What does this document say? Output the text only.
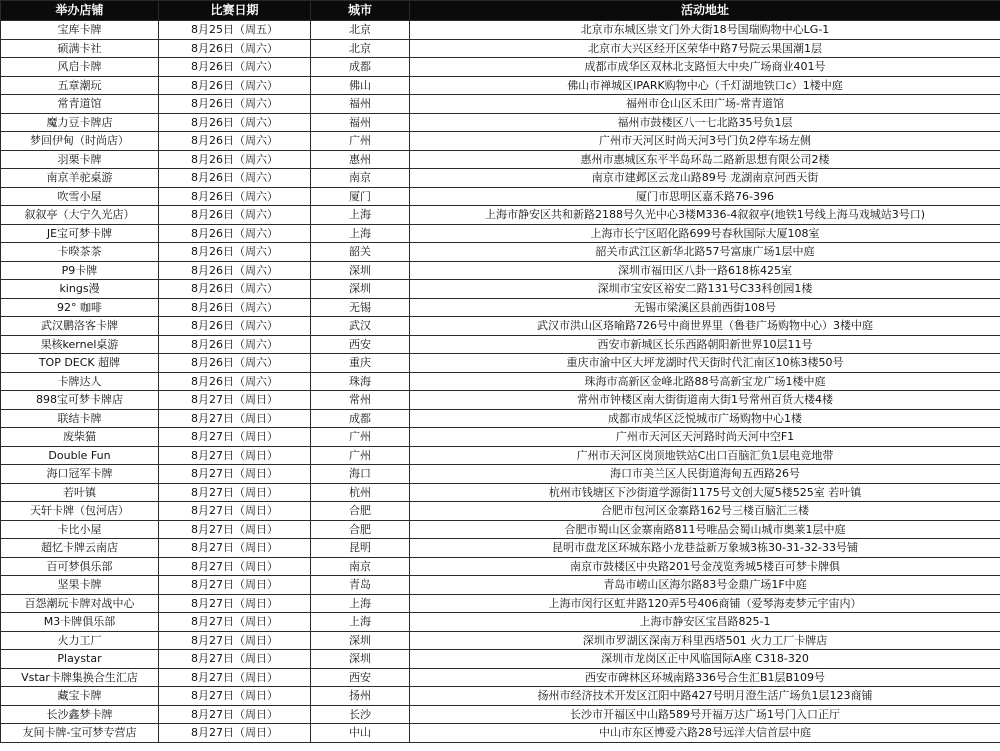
举办店铺	比赛日期	城市	活动地址
宝库卡牌	8月25日（周五）	北京	北京市东城区崇文门外大街18号国瑞购物中心LG-1
硕满卡社	8月26日（周六）	北京	北京市大兴区经开区荣华中路7号院云果国潮1层
风启卡牌	8月26日（周六）	成都	成都市成华区双林北支路恒大中央广场商业401号
五章潮玩	8月26日（周六）	佛山	佛山市禅城区IPARK购物中心（千灯湖地铁口c）1楼中庭
常青道馆	8月26日（周六）	福州	福州市仓山区禾田广场-常青道馆
魔力豆卡牌店	8月26日（周六）	福州	福州市鼓楼区八一七北路35号负1层
梦回伊甸（时尚店）	8月26日（周六）	广州	广州市天河区时尚天河3号门负2停车场左侧
羽栗卡牌	8月26日（周六）	惠州	惠州市惠城区东平半岛环岛二路新思想有限公司2楼
南京羊驼桌游	8月26日（周六）	南京	南京市建邺区云龙山路89号 龙湖南京河西天街
吹雪小屋	8月26日（周六）	厦门	厦门市思明区嘉禾路76-396
叙叙亭（大宁久光店）	8月26日（周六）	上海	上海市静安区共和新路2188号久光中心3楼M336-4叙叙亭(地铁1号线上海马戏城站3号口)
JE宝可梦卡牌	8月26日（周六）	上海	上海市长宁区昭化路699号春秋国际大厦108室
卡暌茶茶	8月26日（周六）	韶关	韶关市武江区新华北路57号富康广场1层中庭
P9卡牌	8月26日（周六）	深圳	深圳市福田区八卦一路618栋425室
kings漫	8月26日（周六）	深圳	深圳市宝安区裕安二路131号C33科创园1楼
92° 咖啡	8月26日（周六）	无锡	无锡市梁溪区县前西街108号
武汉鹏洛客卡牌	8月26日（周六）	武汉	武汉市洪山区珞喻路726号中商世界里（鲁巷广场购物中心）3楼中庭
果核kernel桌游	8月26日（周六）	西安	西安市新城区长乐西路朝阳新世界10层11号
TOP DECK 超牌	8月26日（周六）	重庆	重庆市渝中区大坪龙湖时代天街时代汇南区10栋3楼50号
卡牌达人	8月26日（周六）	珠海	珠海市高新区金峰北路88号高新宝龙广场1楼中庭
898宝可梦卡牌店	8月27日（周日）	常州	常州市钟楼区南大街街道南大街1号常州百货大楼4楼
联结卡牌	8月27日（周日）	成都	成都市成华区泛悦城市广场购物中心1楼
废柴猫	8月27日（周日）	广州	广州市天河区天河路时尚天河中空F1
Double Fun	8月27日（周日）	广州	广州市天河区岗顶地铁站C出口百脑汇负1层电竞地带
海口冠军卡牌	8月27日（周日）	海口	海口市美兰区人民街道海甸五西路26号
若叶镇	8月27日（周日）	杭州	杭州市钱塘区下沙街道学源街1175号文创大厦5楼525室 若叶镇
天轩卡牌（包河店）	8月27日（周日）	合肥	合肥市包河区金寨路162号三楼百脑汇三楼
卡比小屋	8月27日（周日）	合肥	合肥市蜀山区金寨南路811号唯品会蜀山城市奥莱1层中庭
超忆卡牌云南店	8月27日（周日）	昆明	昆明市盘龙区环城东路小龙巷益新万象城3栋30-31-32-33号铺
百可梦俱乐部	8月27日（周日）	南京	南京市鼓楼区中央路201号金茂览秀城5楼百可梦卡牌俱
坚果卡牌	8月27日（周日）	青岛	青岛市崂山区海尔路83号金鼎广场1F中庭
百怨潮玩卡牌对战中心	8月27日（周日）	上海	上海市闵行区虹井路120弄5号406商铺（爱琴海麦梦元宇宙内）
M3卡牌俱乐部	8月27日（周日）	上海	上海市静安区宝昌路825-1
火力工厂	8月27日（周日）	深圳	深圳市罗湖区深南万科里西塔501 火力工厂卡牌店
Playstar	8月27日（周日）	深圳	深圳市龙岗区正中风临国际A座 C318-320
Vstar卡牌集换合生汇店	8月27日（周日）	西安	西安市碑林区环城南路336号合生汇B1层B109号
藏宝卡牌	8月27日（周日）	扬州	扬州市经济技术开发区江阳中路427号明月澄生活广场负1层123商铺
长沙鑫梦卡牌	8月27日（周日）	长沙	长沙市开福区中山路589号开福万达广场1号门入口正厅
友间卡牌-宝可梦专营店	8月27日（周日）	中山	中山市东区博爱六路28号远洋大信首层中庭
